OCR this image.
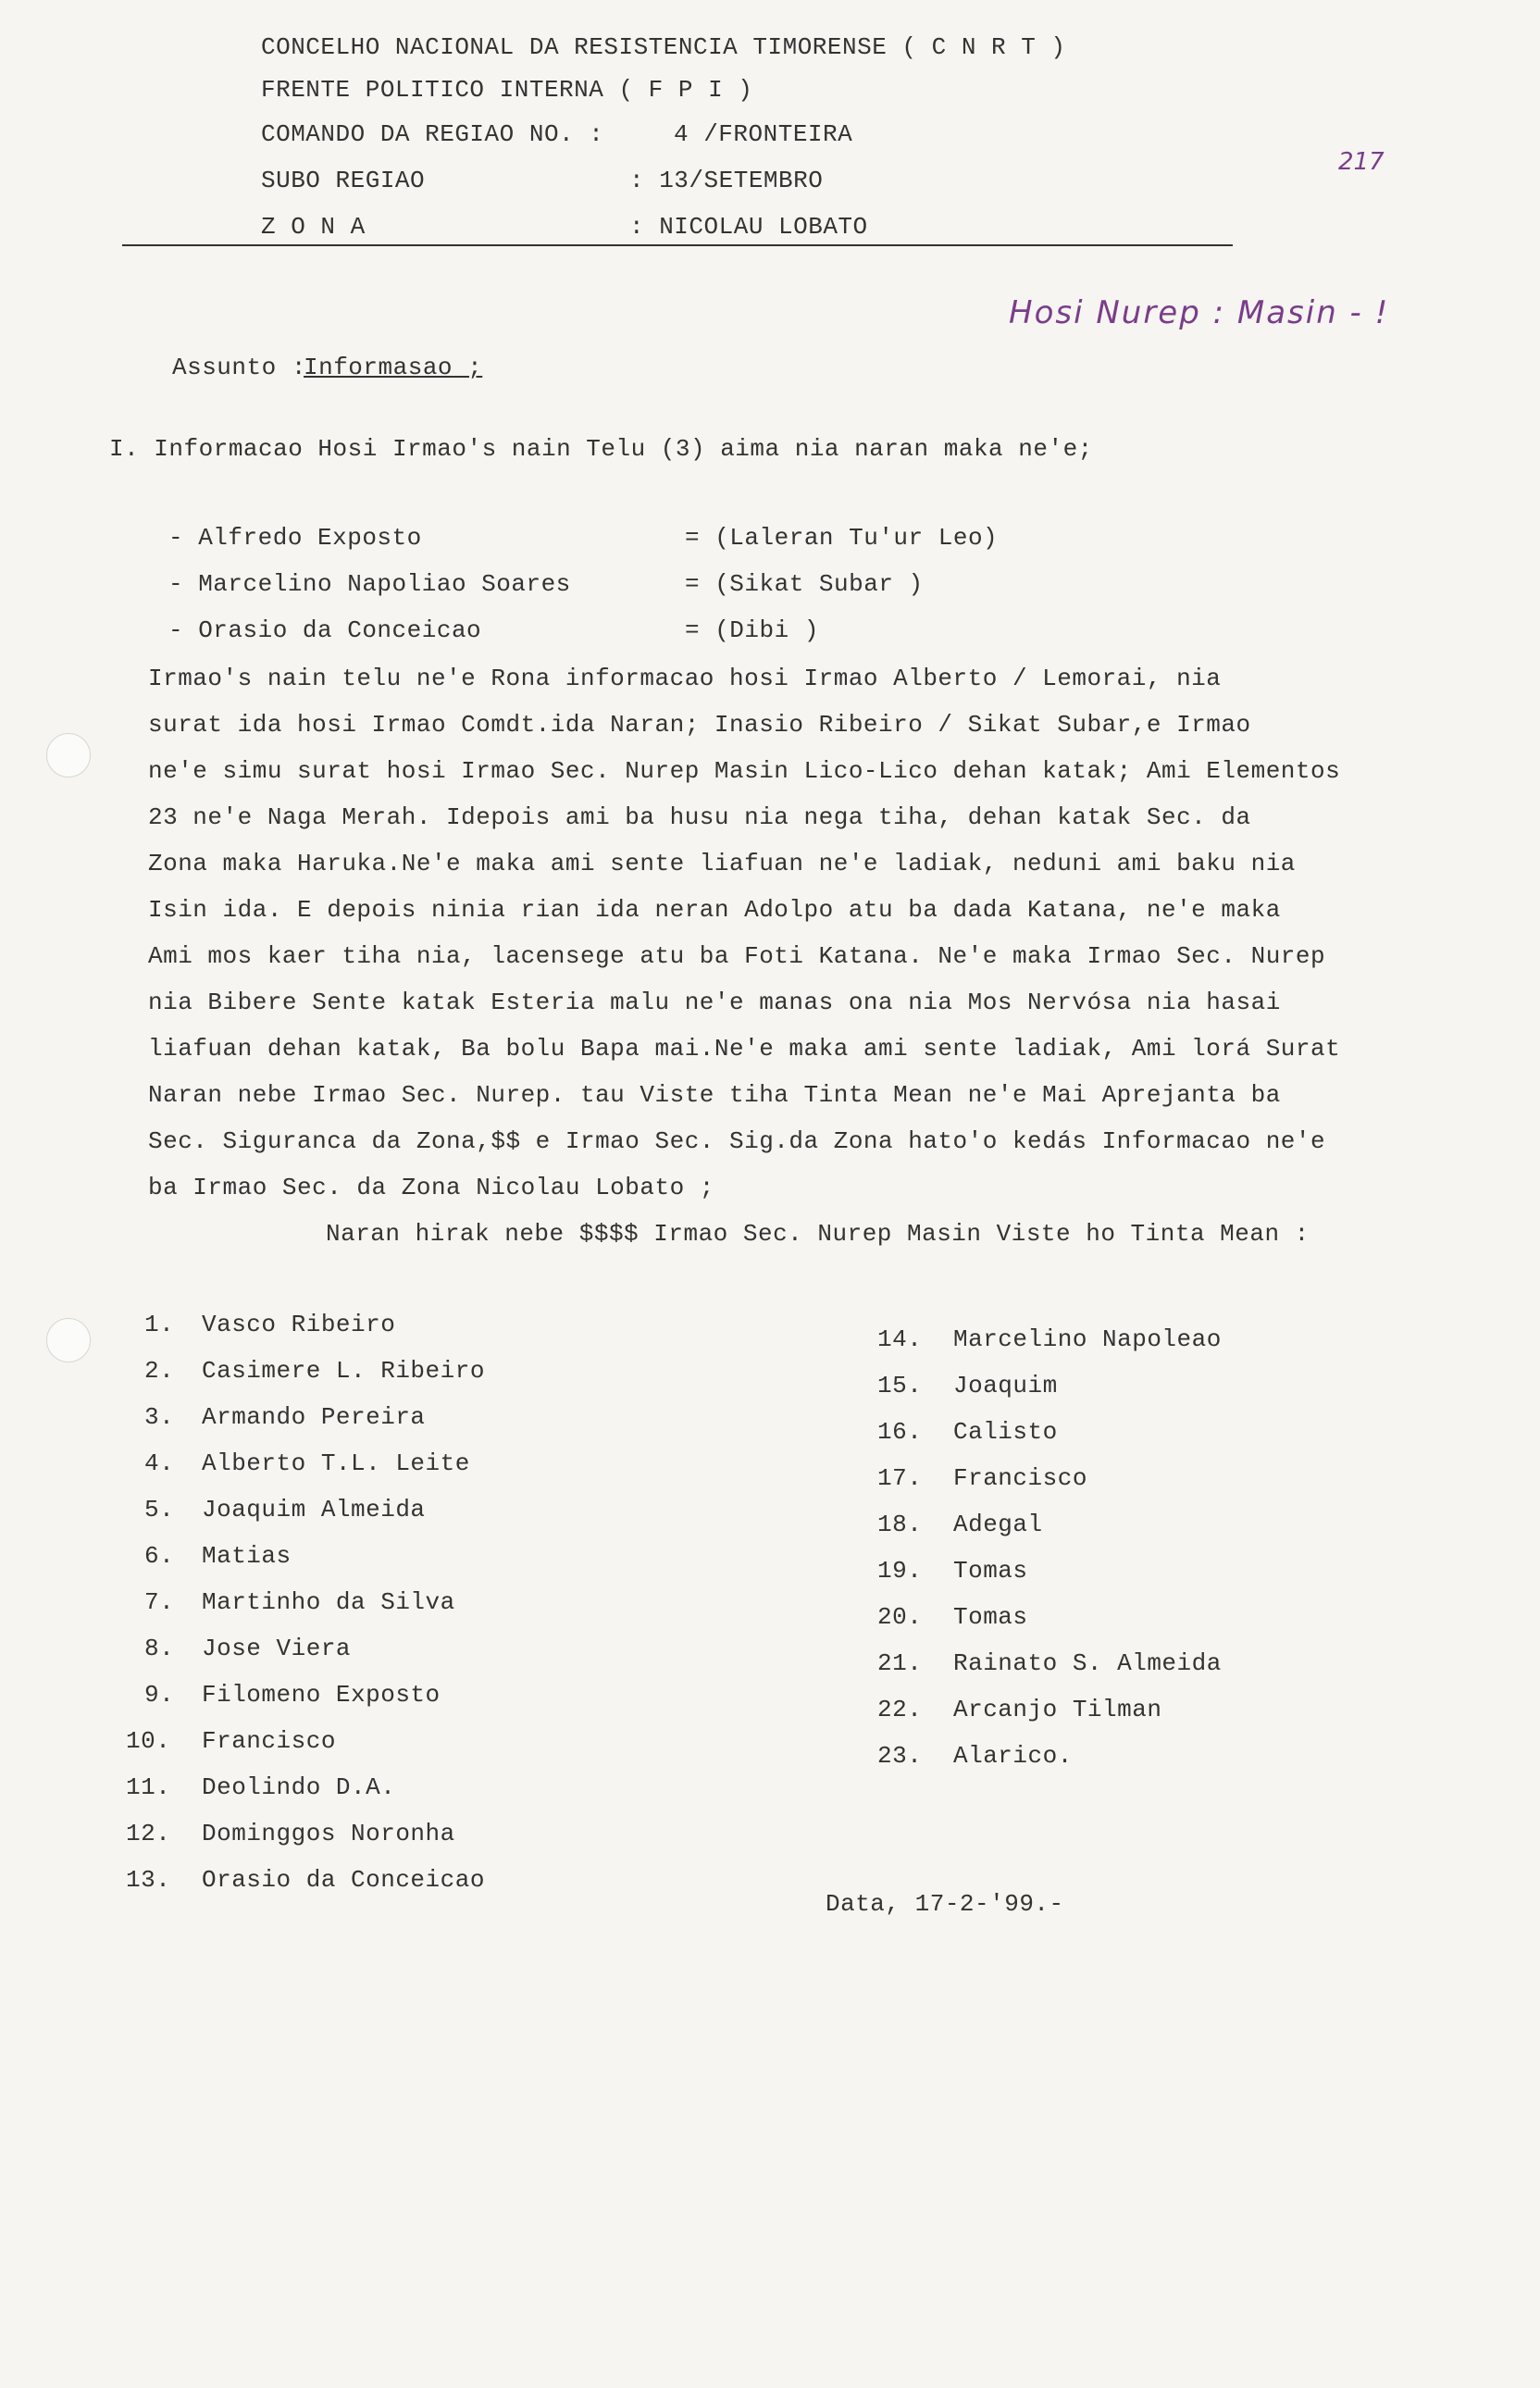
CONCELHO NACIONAL DA RESISTENCIA TIMORENSE ( C N R T )
FRENTE POLITICO INTERNA ( F P I )
COMANDO DA REGIAO NO. :	4 /FRONTEIRA
SUBO REGIAO	: 13/SETEMBRO
Z O N A	: NICOLAU LOBATO
217
Hosi Nurep : Masin - !
Assunto :
Informasao ;
I. Informacao Hosi Irmao's nain Telu (3) aima nia naran maka ne'e;
- Alfredo Exposto	= (Laleran Tu'ur Leo)
- Marcelino Napoliao Soares	= (Sikat Subar )
- Orasio da Conceicao	= (Dibi )
Irmao's nain telu ne'e Rona informacao hosi Irmao Alberto / Lemorai, nia
surat ida hosi Irmao Comdt.ida Naran; Inasio Ribeiro / Sikat Subar,e Irmao
ne'e simu surat hosi Irmao Sec. Nurep Masin Lico-Lico dehan katak; Ami Elementos
23 ne'e Naga Merah. Idepois ami ba husu nia nega tiha, dehan katak Sec. da
Zona maka Haruka.Ne'e maka ami sente liafuan ne'e ladiak, neduni ami baku nia
Isin ida. E depois ninia rian ida neran Adolpo atu ba dada Katana, ne'e maka
Ami mos kaer tiha nia, lacensege atu ba Foti Katana. Ne'e maka Irmao Sec. Nurep
nia Bibere Sente katak Esteria malu ne'e manas ona nia Mos Nervósa nia hasai
liafuan dehan katak, Ba bolu Bapa mai.Ne'e maka ami sente ladiak, Ami lorá Surat
Naran nebe Irmao Sec. Nurep. tau Viste tiha Tinta Mean ne'e Mai Aprejanta ba
Sec. Siguranca da Zona,$$ e Irmao Sec. Sig.da Zona hato'o kedás Informacao ne'e
ba Irmao Sec. da Zona Nicolau Lobato ;
Naran hirak nebe $$$$ Irmao Sec. Nurep Masin Viste ho Tinta Mean :
1. Vasco Ribeiro
2. Casimere L. Ribeiro
3. Armando Pereira
4. Alberto T.L. Leite
5. Joaquim Almeida
6. Matias
7. Martinho da Silva
8. Jose Viera
9. Filomeno Exposto
10. Francisco
11. Deolindo D.A.
12. Dominggos Noronha
13. Orasio da Conceicao
14. Marcelino Napoleao
15. Joaquim
16. Calisto
17. Francisco
18. Adegal
19. Tomas
20. Tomas
21. Rainato S. Almeida
22. Arcanjo Tilman
23. Alarico.
Data, 17-2-'99.-
